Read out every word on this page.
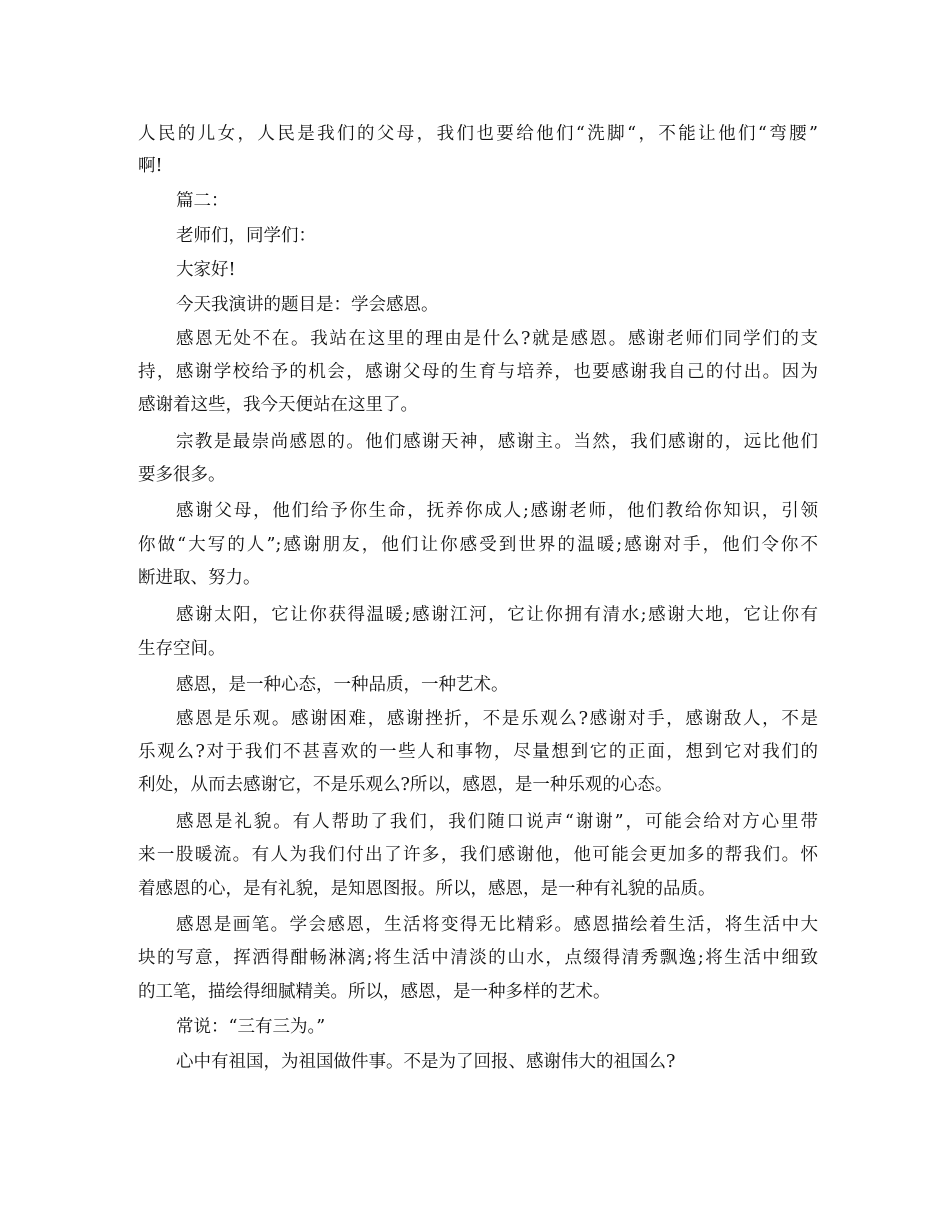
人民的儿女，人民是我们的父母，我们也要给他们“洗脚“，不能让他们“弯腰”
啊!
篇二：
老师们，同学们：
大家好!
今天我演讲的题目是：学会感恩。
感恩无处不在。我站在这里的理由是什么?就是感恩。感谢老师们同学们的支
持，感谢学校给予的机会，感谢父母的生育与培养，也要感谢我自己的付出。因为
感谢着这些，我今天便站在这里了。
宗教是最崇尚感恩的。他们感谢天神，感谢主。当然，我们感谢的，远比他们
要多很多。
感谢父母，他们给予你生命，抚养你成人;感谢老师，他们教给你知识，引领
你做“大写的人”;感谢朋友，他们让你感受到世界的温暖;感谢对手，他们令你不
断进取、努力。
感谢太阳，它让你获得温暖;感谢江河，它让你拥有清水;感谢大地，它让你有
生存空间。
感恩，是一种心态，一种品质，一种艺术。
感恩是乐观。感谢困难，感谢挫折，不是乐观么?感谢对手，感谢敌人，不是
乐观么?对于我们不甚喜欢的一些人和事物，尽量想到它的正面，想到它对我们的
利处，从而去感谢它，不是乐观么?所以，感恩，是一种乐观的心态。
感恩是礼貌。有人帮助了我们，我们随口说声“谢谢”，可能会给对方心里带
来一股暖流。有人为我们付出了许多，我们感谢他，他可能会更加多的帮我们。怀
着感恩的心，是有礼貌，是知恩图报。所以，感恩，是一种有礼貌的品质。
感恩是画笔。学会感恩，生活将变得无比精彩。感恩描绘着生活，将生活中大
块的写意，挥洒得酣畅淋漓;将生活中清淡的山水，点缀得清秀飘逸;将生活中细致
的工笔，描绘得细腻精美。所以，感恩，是一种多样的艺术。
常说：“三有三为。”
心中有祖国，为祖国做件事。不是为了回报、感谢伟大的祖国么?
